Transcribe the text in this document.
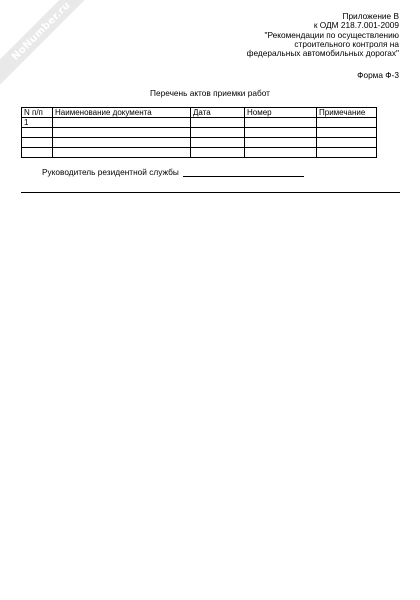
NoNumber.ru	Приложение В
к ОДМ 218.7.001-2009
"Рекомендации по осуществлению
строительного контроля на
федеральных автомобильных дорогах"
Форма Ф-3
Перечень актов приемки работ
N п/п	Наименование документа	Дата	Номер	Примечание
1				

Руководитель резидентной службы
